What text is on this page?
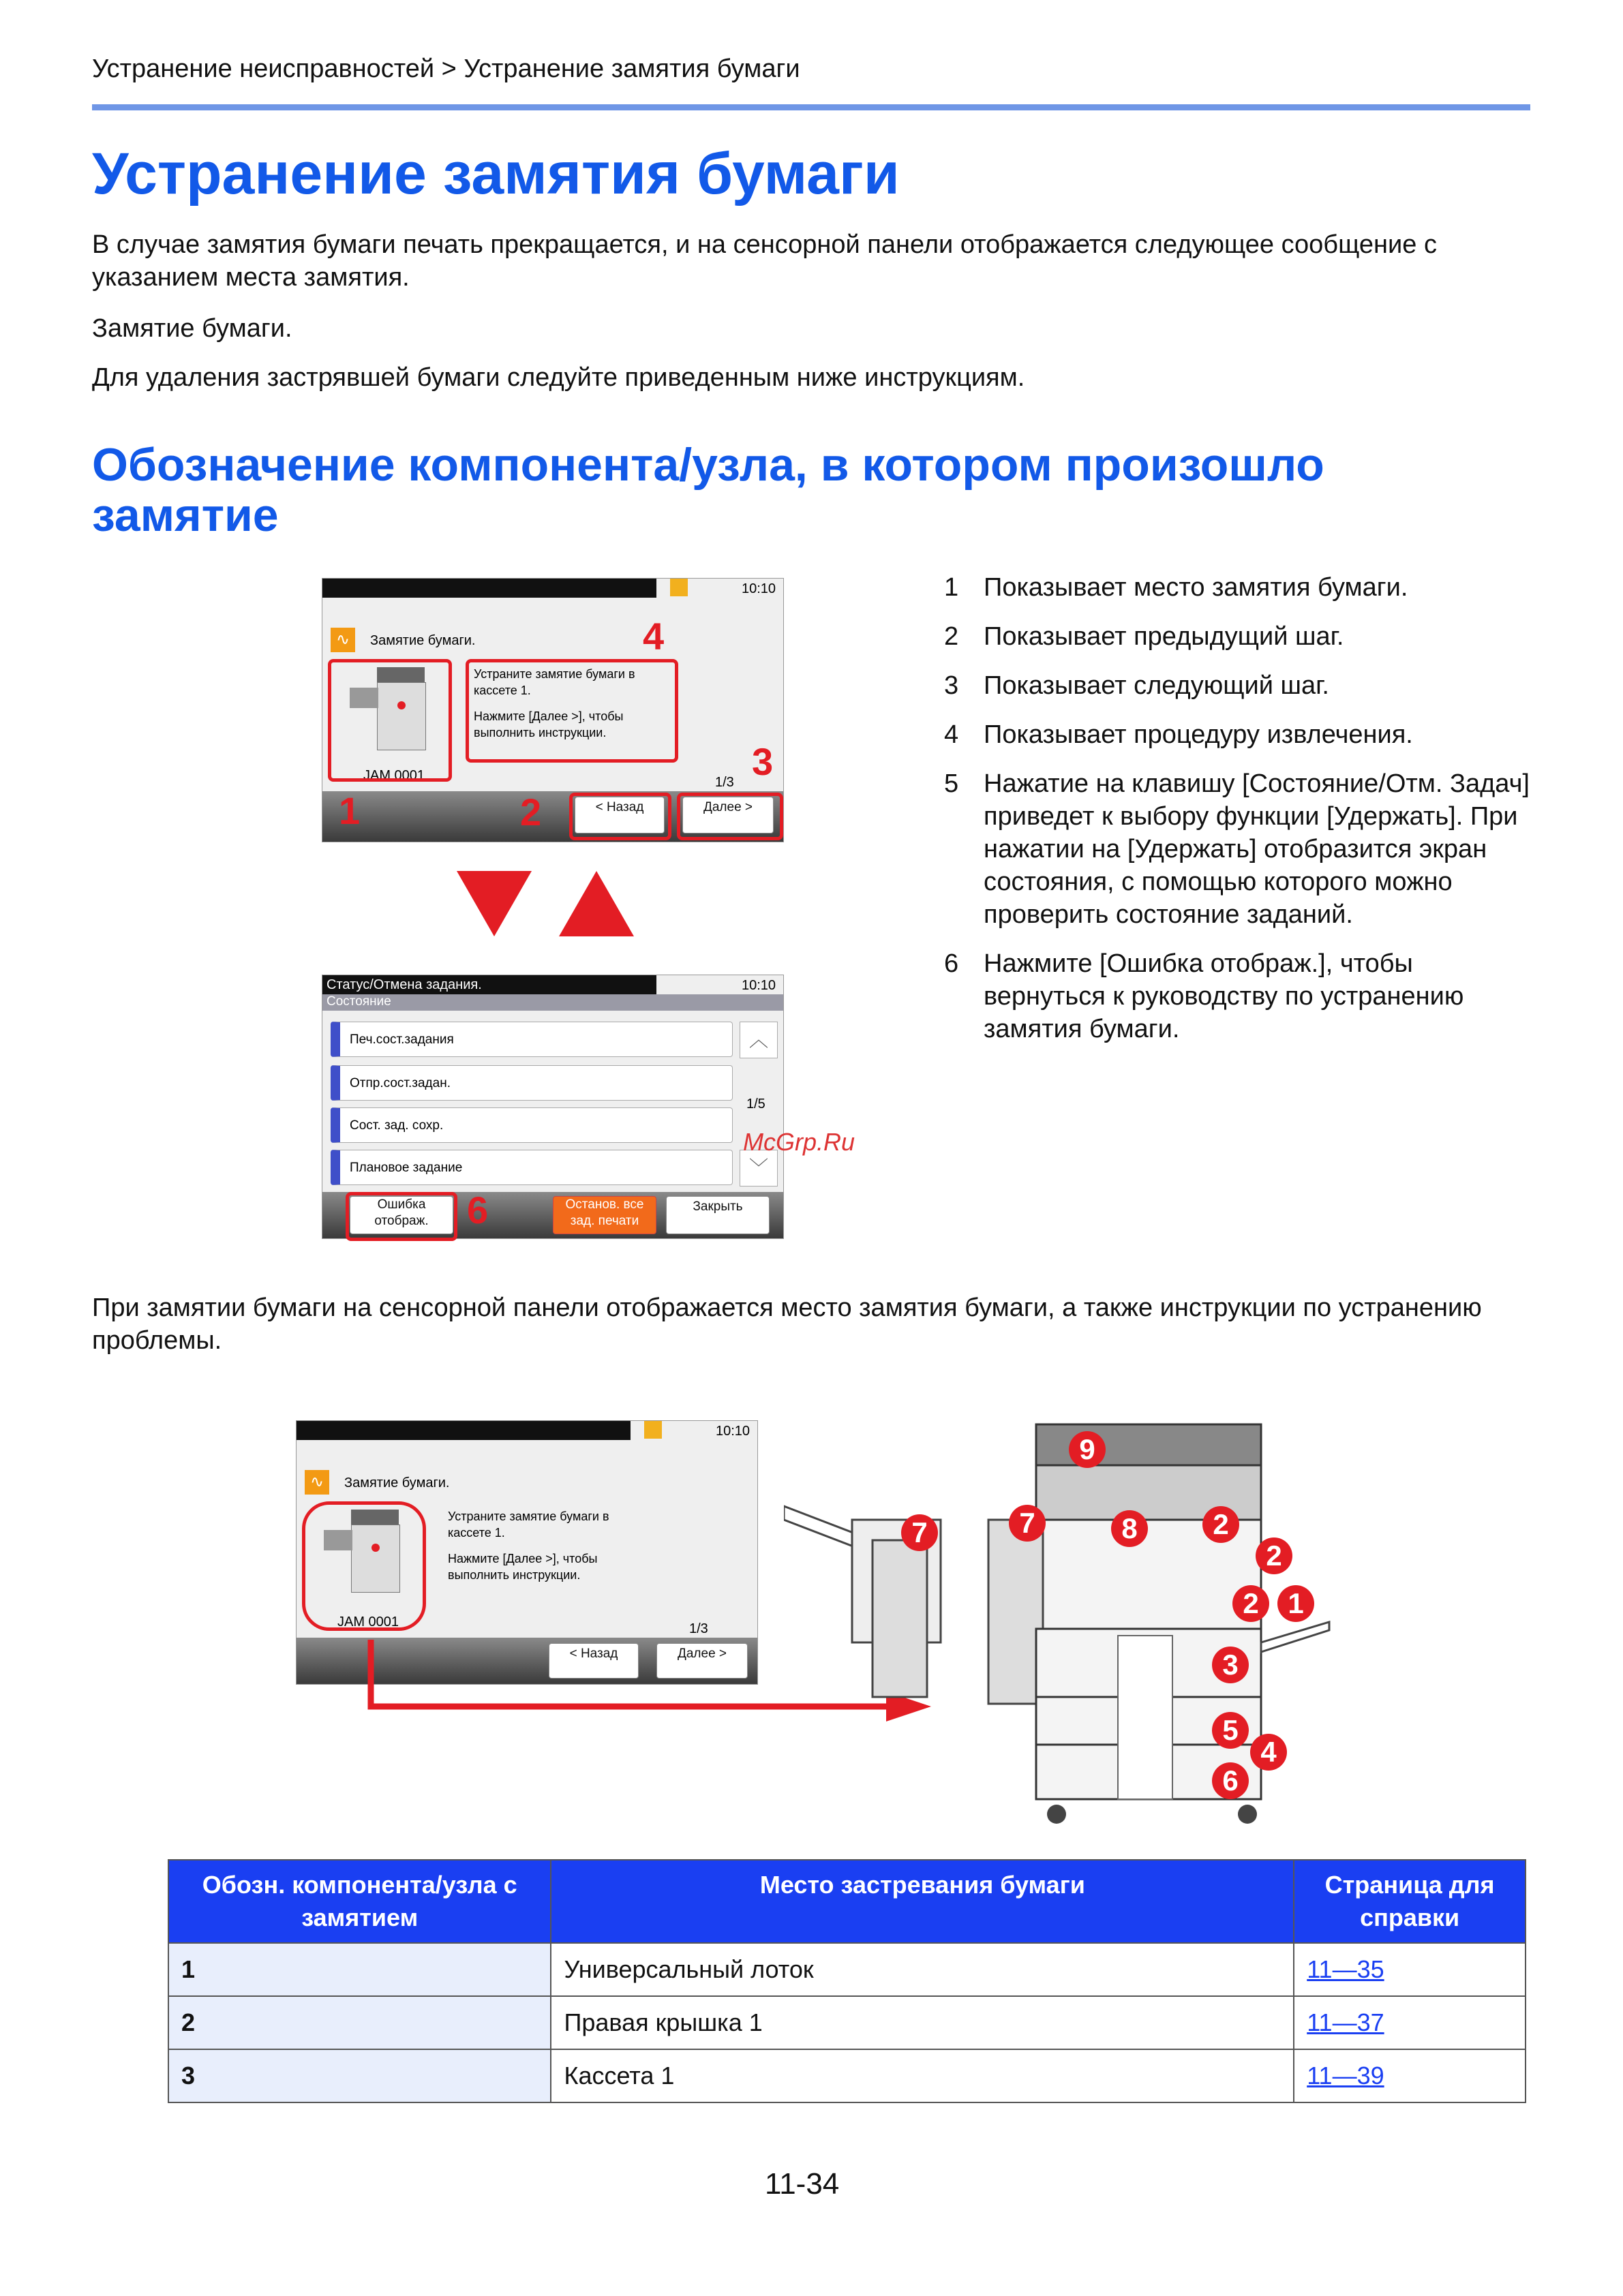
Устранение неисправностей > Устранение замятия бумаги
Устранение замятия бумаги
В случае замятия бумаги печать прекращается, и на сенсорной панели отображается следующее сообщение с указанием места замятия.
Замятие бумаги.
Для удаления застрявшей бумаги следуйте приведенным ниже инструкциям.
Обозначение компонента/узла, в котором произошло замятие
10:10
∿	Замятие бумаги.
JAM 0001
Устраните замятие бумаги в кассете 1.
Нажмите [Далее >], чтобы выполнить инструкции.
1/3
< Назад	Далее >
1	2
3
4
Статус/Отмена задания.	10:10
Состояние
Печ.сост.задания
Отпр.сост.задан.
Сост. зад. сохр.
Плановое задание
︿
1/5
﹀
Ошибка
отображ.
Останов. все
зад. печати
Закрыть
6
McGrp.Ru
1 Показывает место замятия бумаги.
2 Показывает предыдущий шаг.
3 Показывает следующий шаг.
4 Показывает процедуру извлечения.
5 Нажатие на клавишу [Состояние/Отм. Задач] приведет к выбору функции [Удержать]. При нажатии на [Удержать] отобразится экран состояния, с помощью которого можно проверить состояние заданий.
6 Нажмите [Ошибка отображ.], чтобы вернуться к руководству по устранению замятия бумаги.
При замятии бумаги на сенсорной панели отображается место замятия бумаги, а также инструкции по устранению проблемы.
10:10
∿	Замятие бумаги.
JAM 0001
Устраните замятие бумаги в кассете 1.
Нажмите [Далее >], чтобы выполнить инструкции.
1/3
< Назад	Далее >
9
7	7	8	2
2
2	1
3
5
4
6
Обозн. компонента/узла с замятием	Место застревания бумаги	Страница для справки
1	Универсальный лоток	11—35
2	Правая крышка 1	11—37
3	Кассета 1	11—39
11-34
